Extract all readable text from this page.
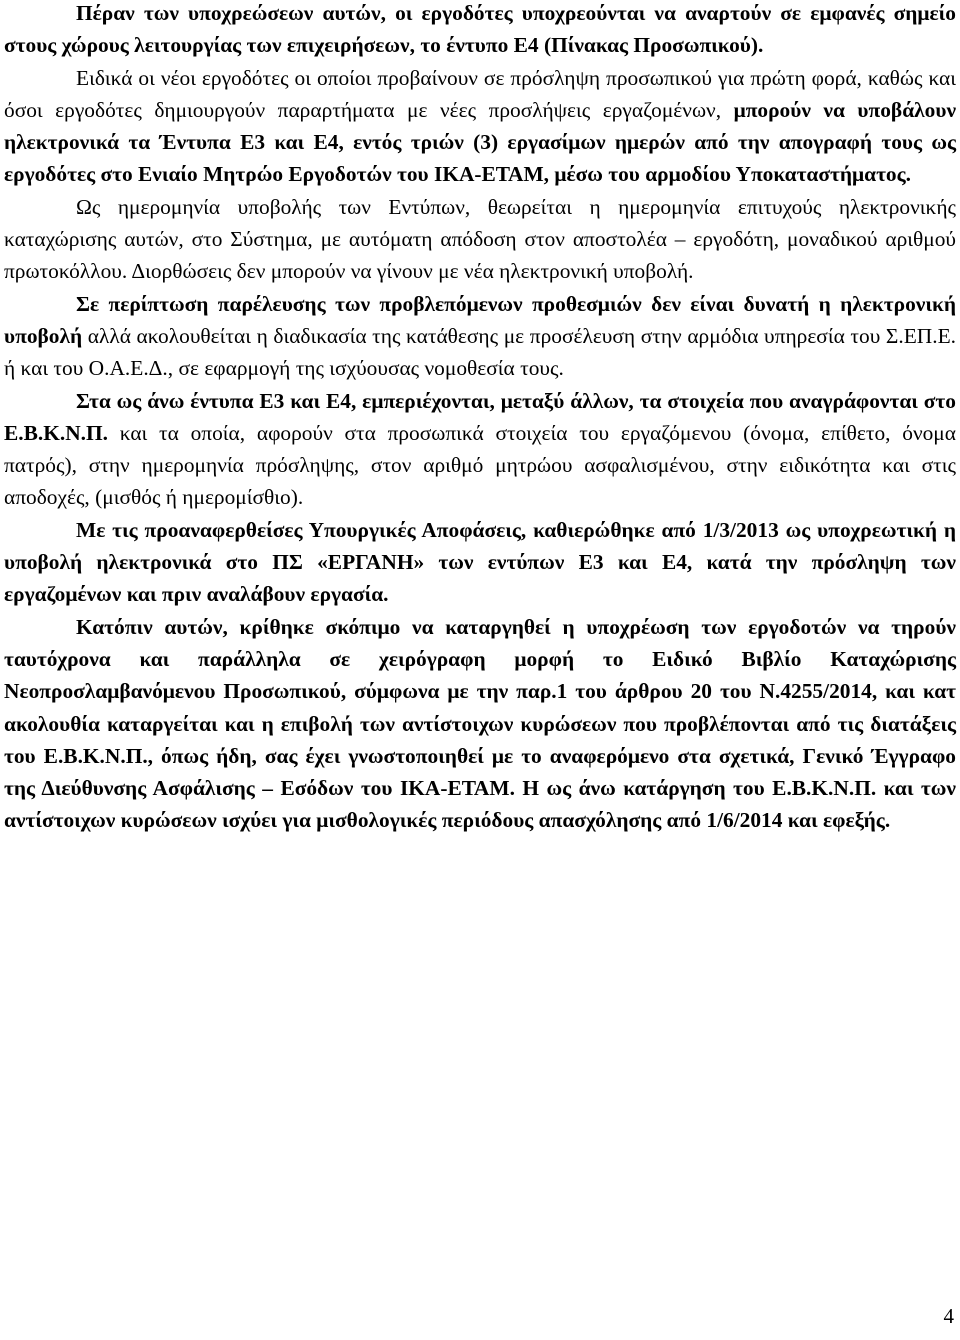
Πέραν των υποχρεώσεων αυτών, οι εργοδότες υποχρεούνται να αναρτούν σε εμφανές σημείο στους χώρους λειτουργίας των επιχειρήσεων, το έντυπο Ε4 (Πίνακας Προσωπικού).

Ειδικά οι νέοι εργοδότες οι οποίοι προβαίνουν σε πρόσληψη προσωπικού για πρώτη φορά, καθώς και όσοι εργοδότες δημιουργούν παραρτήματα με νέες προσλήψεις εργαζομένων, μπορούν να υποβάλουν ηλεκτρονικά τα Έντυπα Ε3 και Ε4, εντός τριών (3) εργασίμων ημερών από την απογραφή τους ως εργοδότες στο Ενιαίο Μητρώο Εργοδοτών του ΙΚΑ-ΕΤΑΜ, μέσω του αρμοδίου Υποκαταστήματος.

Ως ημερομηνία υποβολής των Εντύπων, θεωρείται η ημερομηνία επιτυχούς ηλεκτρονικής καταχώρισης αυτών, στο Σύστημα, με αυτόματη απόδοση στον αποστολέα – εργοδότη, μοναδικού αριθμού πρωτοκόλλου. Διορθώσεις δεν μπορούν να γίνουν με νέα ηλεκτρονική υποβολή.

Σε περίπτωση παρέλευσης των προβλεπόμενων προθεσμιών δεν είναι δυνατή η ηλεκτρονική υποβολή αλλά ακολουθείται η διαδικασία της κατάθεσης με προσέλευση στην αρμόδια υπηρεσία του Σ.ΕΠ.Ε. ή και του Ο.Α.Ε.Δ., σε εφαρμογή της ισχύουσας νομοθεσία τους.

Στα ως άνω έντυπα Ε3 και Ε4, εμπεριέχονται, μεταξύ άλλων, τα στοιχεία που αναγράφονται στο Ε.Β.Κ.Ν.Π. και τα οποία, αφορούν στα προσωπικά στοιχεία του εργαζόμενου (όνομα, επίθετο, όνομα πατρός), στην ημερομηνία πρόσληψης, στον αριθμό μητρώου ασφαλισμένου, στην ειδικότητα και στις αποδοχές, (μισθός ή ημερομίσθιο).

Με τις προαναφερθείσες Υπουργικές Αποφάσεις, καθιερώθηκε από 1/3/2013 ως υποχρεωτική η υποβολή ηλεκτρονικά στο ΠΣ «ΕΡΓΑΝΗ» των εντύπων Ε3 και Ε4, κατά την πρόσληψη των εργαζομένων και πριν αναλάβουν εργασία.

Κατόπιν αυτών, κρίθηκε σκόπιμο να καταργηθεί η υποχρέωση των εργοδοτών να τηρούν ταυτόχρονα και παράλληλα σε χειρόγραφη μορφή το Ειδικό Βιβλίο Καταχώρισης Νεοπροσλαμβανόμενου Προσωπικού, σύμφωνα με την παρ.1 του άρθρου 20 του Ν.4255/2014, και κατ ακολουθία καταργείται και η επιβολή των αντίστοιχων κυρώσεων που προβλέπονται από τις διατάξεις του Ε.Β.Κ.Ν.Π., όπως ήδη, σας έχει γνωστοποιηθεί με το αναφερόμενο στα σχετικά, Γενικό Έγγραφο της Διεύθυνσης Ασφάλισης – Εσόδων του ΙΚΑ-ΕΤΑΜ. Η ως άνω κατάργηση του Ε.Β.Κ.Ν.Π. και των αντίστοιχων κυρώσεων ισχύει για μισθολογικές περιόδους απασχόλησης από 1/6/2014 και εφεξής.

4
